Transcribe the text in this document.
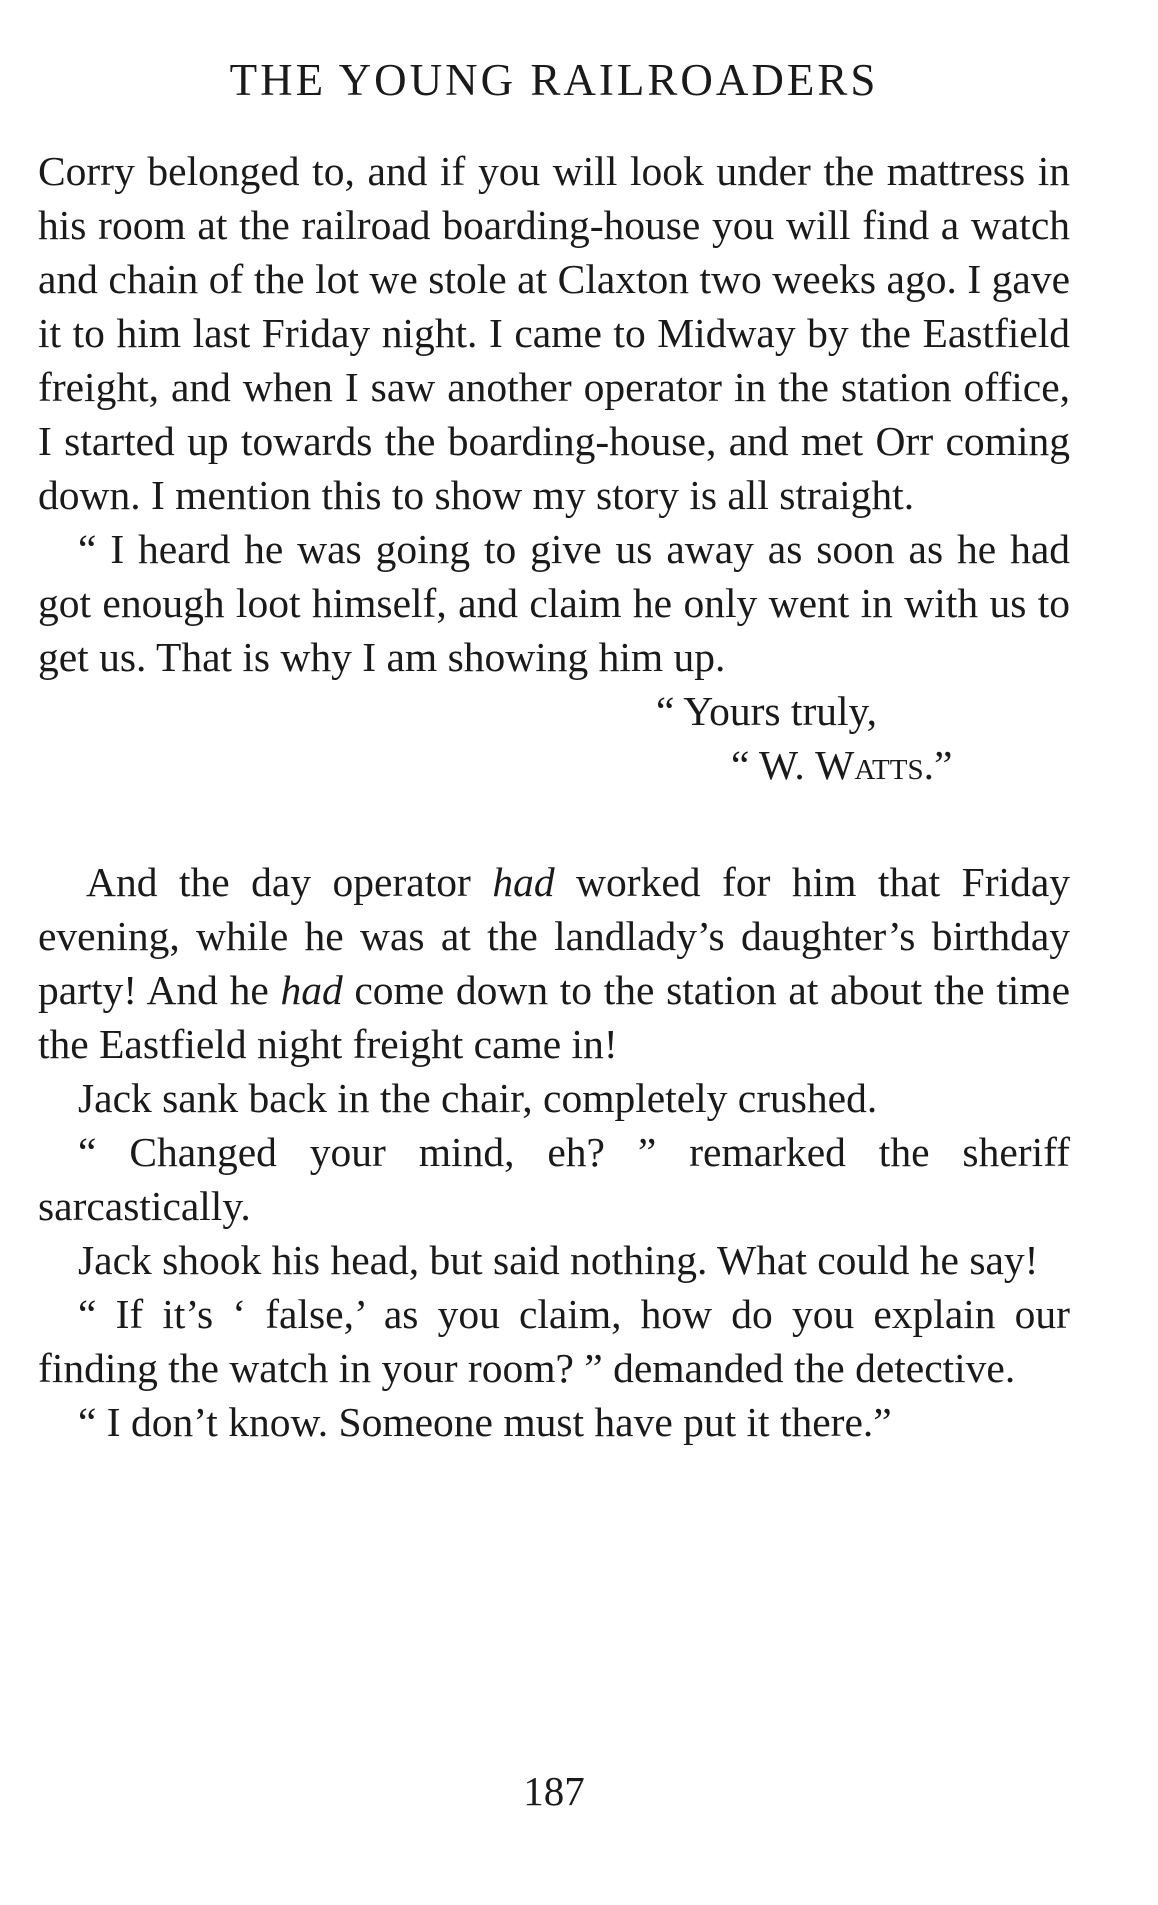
THE YOUNG RAILROADERS

Corry belonged to, and if you will look under the mattress in his room at the railroad boarding-house you will find a watch and chain of the lot we stole at Claxton two weeks ago. I gave it to him last Friday night. I came to Midway by the Eastfield freight, and when I saw another operator in the station office, I started up towards the boarding-house, and met Orr coming down. I mention this to show my story is all straight.

“ I heard he was going to give us away as soon as he had got enough loot himself, and claim he only went in with us to get us. That is why I am showing him up.

“ Yours truly,

“ W. Watts.”

And the day operator had worked for him that Friday evening, while he was at the landlady’s daughter’s birthday party! And he had come down to the station at about the time the Eastfield night freight came in!

Jack sank back in the chair, completely crushed.

“ Changed your mind, eh? ” remarked the sheriff sarcastically.

Jack shook his head, but said nothing. What could he say!

“ If it’s ‘ false,’ as you claim, how do you explain our finding the watch in your room? ” demanded the detective.

“ I don’t know. Someone must have put it there.”

187
